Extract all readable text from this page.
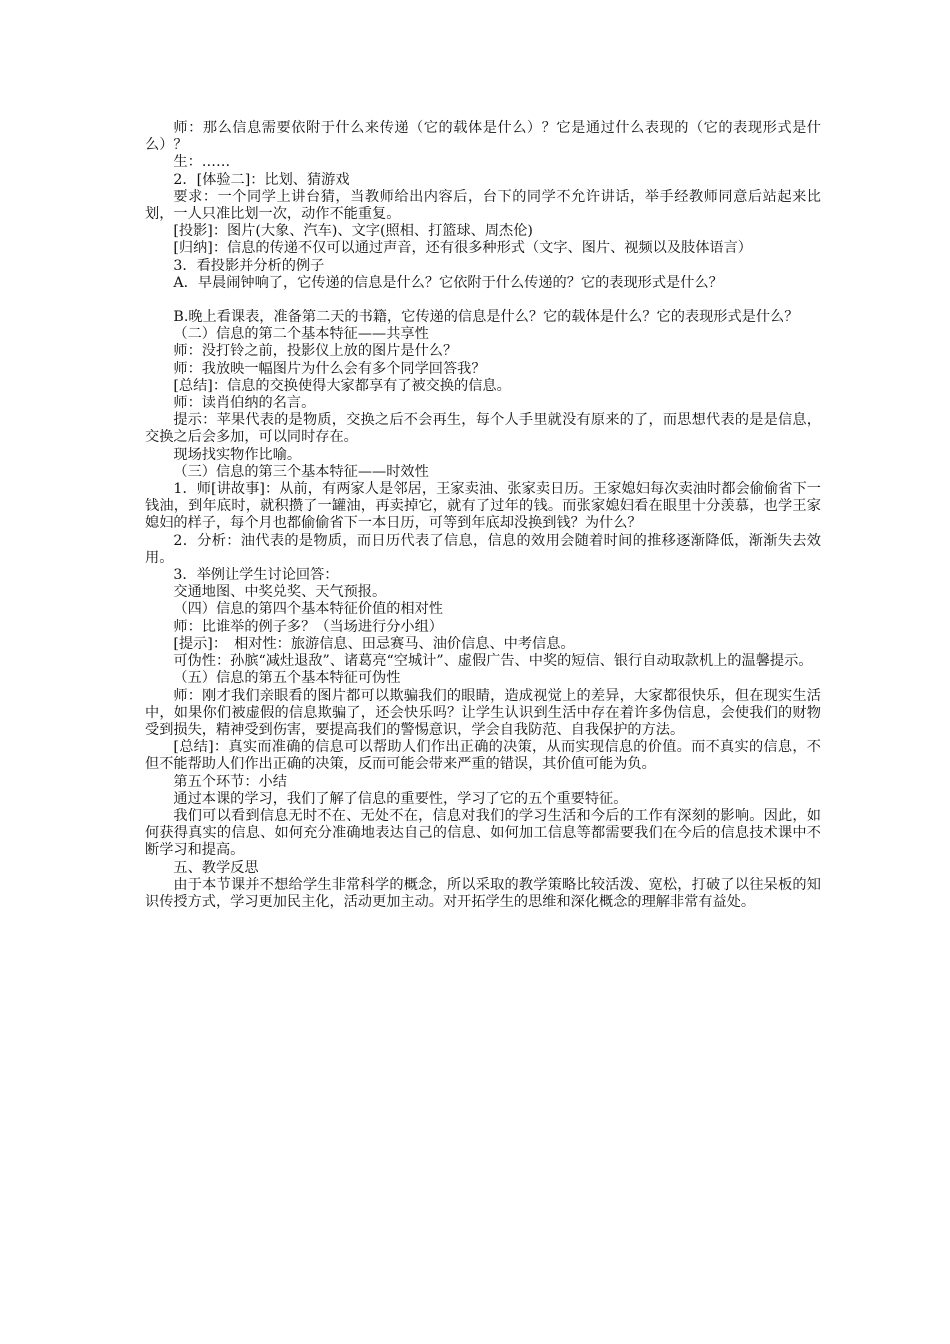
师：那么信息需要依附于什么来传递（它的载体是什么）？它是通过什么表现的（它的表现形式是什么）？

生：……

2．[体验二]：比划、猜游戏

要求：一个同学上讲台猜，当教师给出内容后，台下的同学不允许讲话，举手经教师同意后站起来比划，一人只准比划一次，动作不能重复。

[投影]：图片(大象、汽车)、文字(照相、打篮球、周杰伦)

[归纳]：信息的传递不仅可以通过声音，还有很多种形式（文字、图片、视频以及肢体语言）

3．看投影并分析的例子

A．早晨闹钟响了，它传递的信息是什么？它依附于什么传递的？它的表现形式是什么？

B.晚上看课表，准备第二天的书籍，它传递的信息是什么？它的载体是什么？它的表现形式是什么？

（二）信息的第二个基本特征——共享性

师：没打铃之前，投影仪上放的图片是什么？

师：我放映一幅图片为什么会有多个同学回答我？

[总结]：信息的交换使得大家都享有了被交换的信息。

师：读肖伯纳的名言。

提示：苹果代表的是物质，交换之后不会再生，每个人手里就没有原来的了，而思想代表的是是信息，交换之后会多加，可以同时存在。

现场找实物作比喻。

（三）信息的第三个基本特征——时效性

1．师[讲故事]：从前，有两家人是邻居，王家卖油、张家卖日历。王家媳妇每次卖油时都会偷偷省下一钱油，到年底时，就积攒了一罐油，再卖掉它，就有了过年的钱。而张家媳妇看在眼里十分羡慕，也学王家媳妇的样子，每个月也都偷偷省下一本日历，可等到年底却没换到钱？为什么？

2．分析：油代表的是物质，而日历代表了信息，信息的效用会随着时间的推移逐渐降低，渐渐失去效用。

3．举例让学生讨论回答：

交通地图、中奖兑奖、天气预报。

（四）信息的第四个基本特征价值的相对性

师：比谁举的例子多？（当场进行分小组）

[提示]：　相对性：旅游信息、田忌赛马、油价信息、中考信息。

可伪性：孙膑“减灶退敌”、诸葛亮“空城计”、虚假广告、中奖的短信、银行自动取款机上的温馨提示。

（五）信息的第五个基本特征可伪性

师：刚才我们亲眼看的图片都可以欺骗我们的眼睛，造成视觉上的差异，大家都很快乐，但在现实生活中，如果你们被虚假的信息欺骗了，还会快乐吗？让学生认识到生活中存在着许多伪信息，会使我们的财物受到损失，精神受到伤害，要提高我们的警惕意识，学会自我防范、自我保护的方法。

[总结]：真实而准确的信息可以帮助人们作出正确的决策，从而实现信息的价值。而不真实的信息，不但不能帮助人们作出正确的决策，反而可能会带来严重的错误，其价值可能为负。

第五个环节：小结

通过本课的学习，我们了解了信息的重要性，学习了它的五个重要特征。

我们可以看到信息无时不在、无处不在，信息对我们的学习生活和今后的工作有深刻的影响。因此，如何获得真实的信息、如何充分准确地表达自己的信息、如何加工信息等都需要我们在今后的信息技术课中不断学习和提高。

五、教学反思

由于本节课并不想给学生非常科学的概念，所以采取的教学策略比较活泼、宽松，打破了以往呆板的知识传授方式，学习更加民主化，活动更加主动。对开拓学生的思维和深化概念的理解非常有益处。
